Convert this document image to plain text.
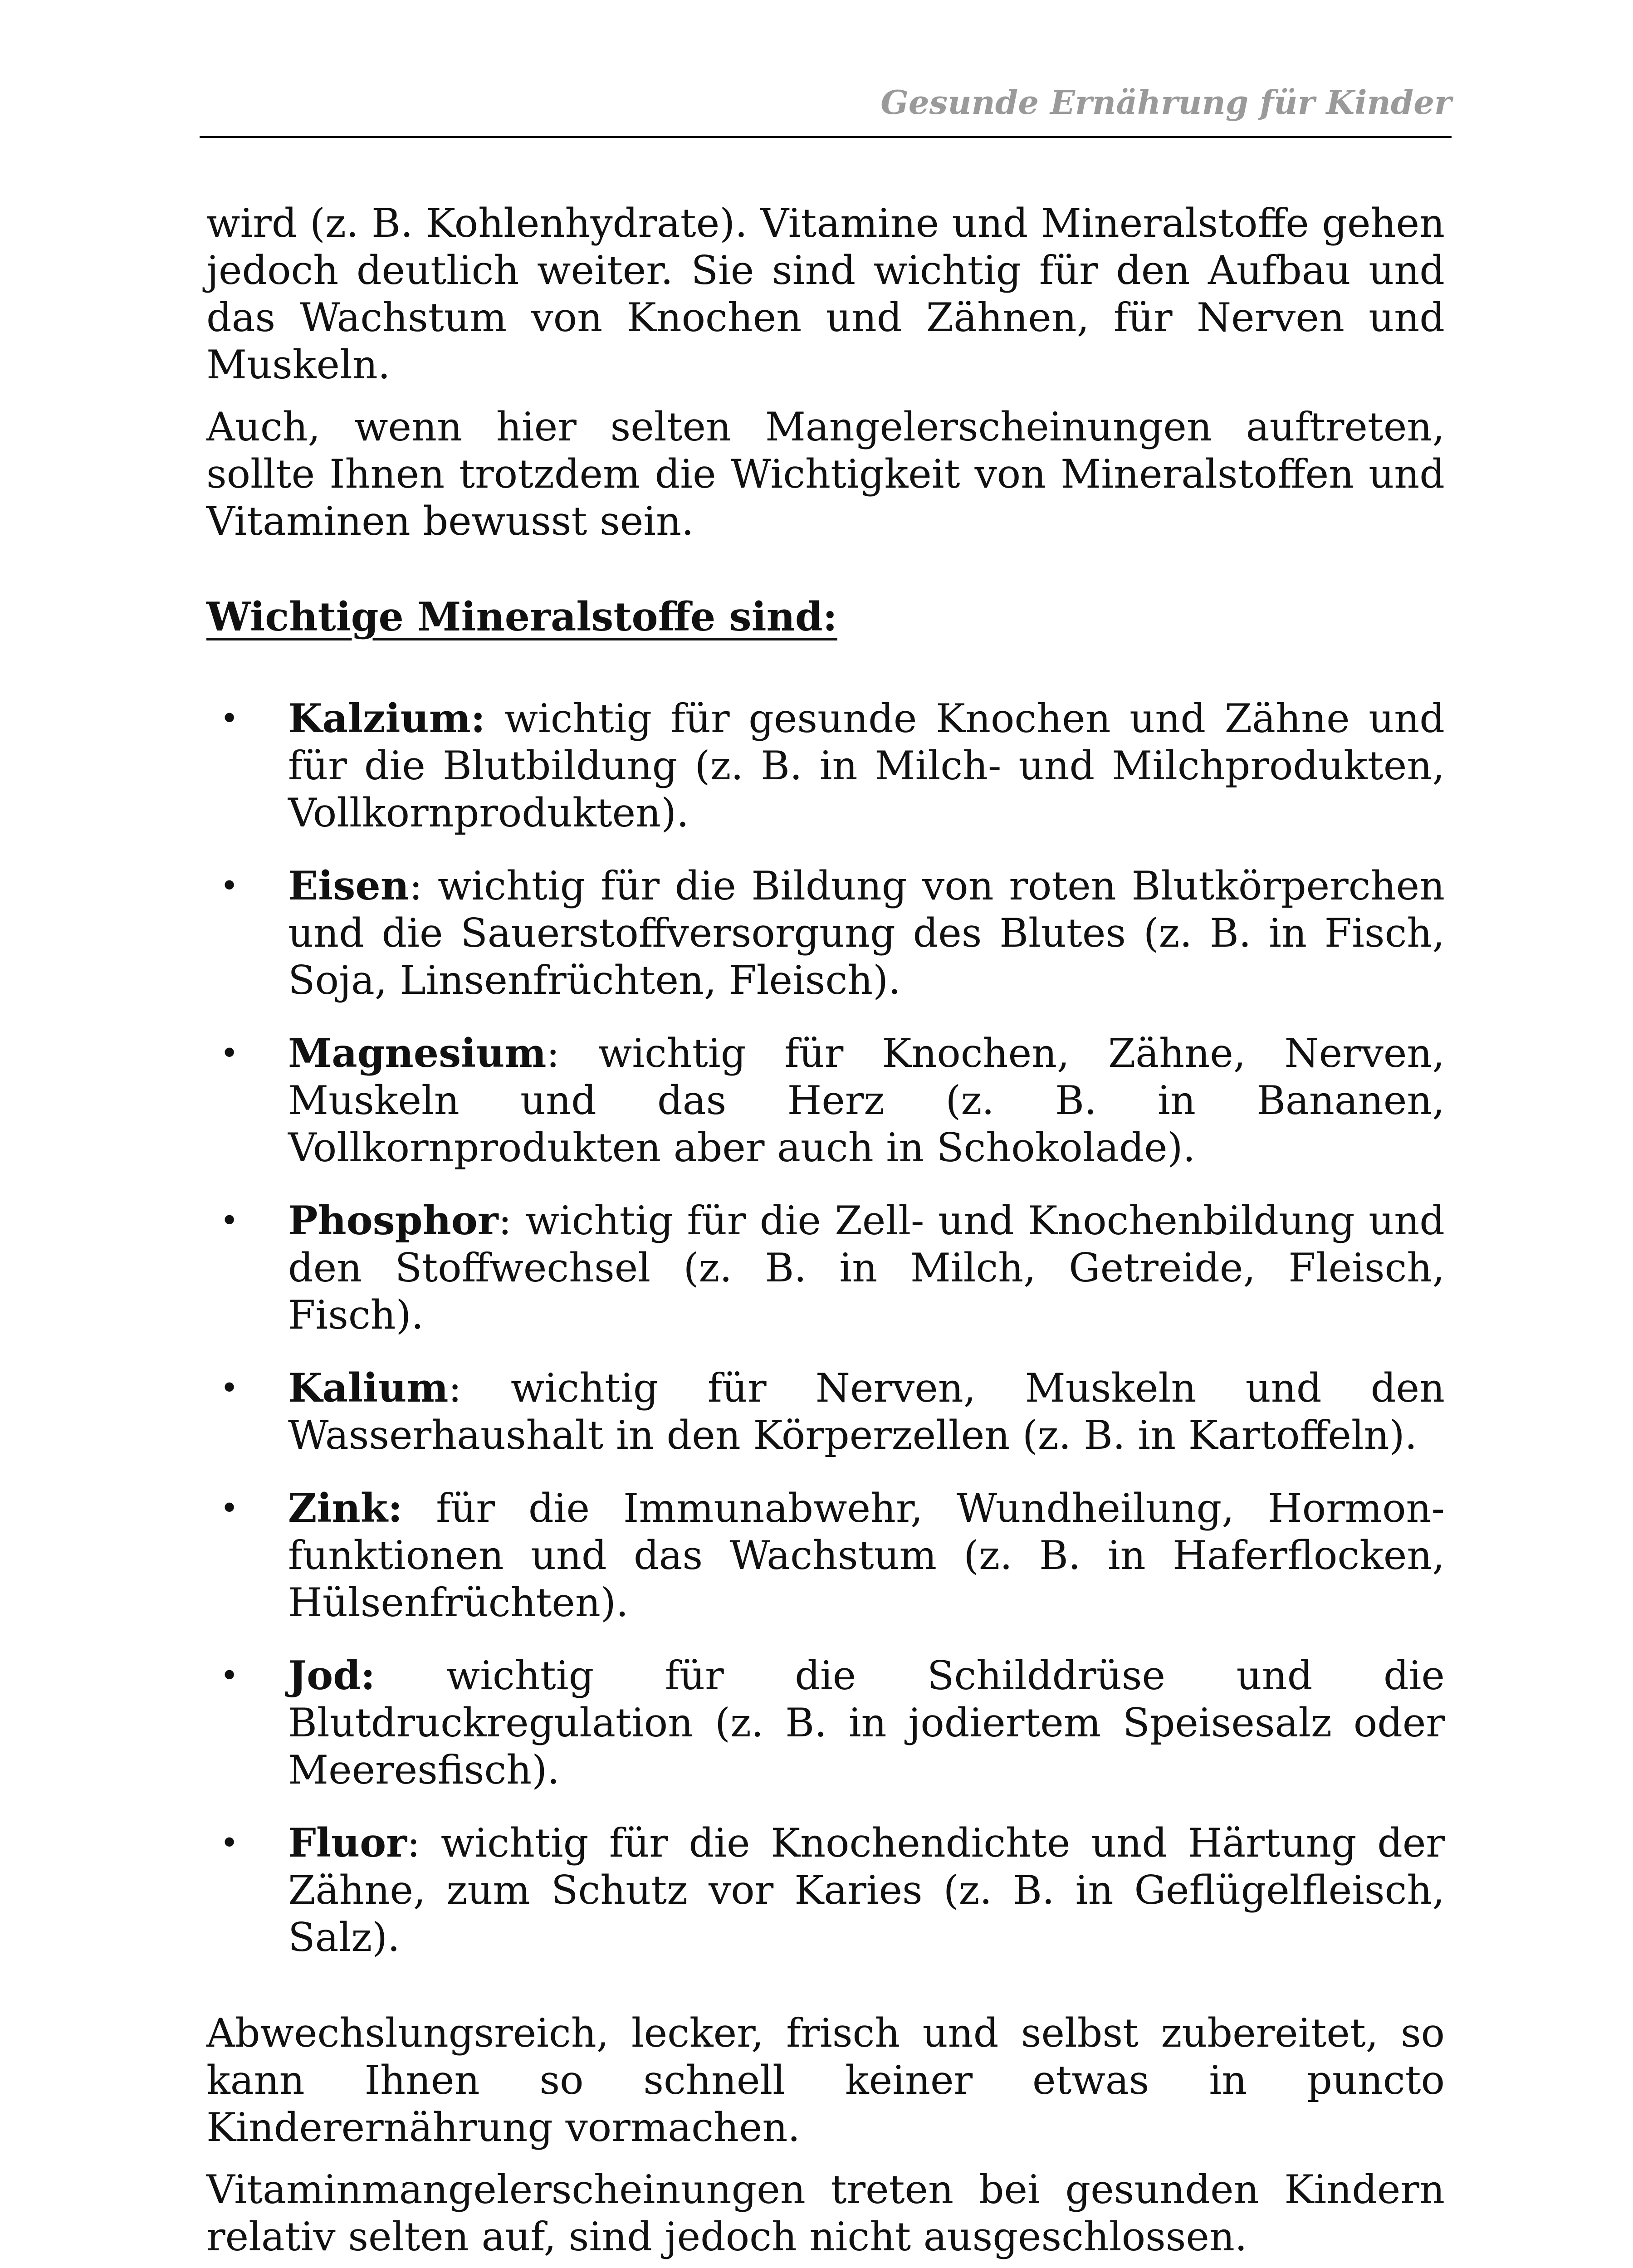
Gesunde Ernährung für Kinder

wird (z. B. Kohlenhydrate). Vitamine und Mineralstoffe gehen jedoch deutlich weiter. Sie sind wichtig für den Aufbau und das Wachstum von Knochen und Zähnen, für Nerven und Muskeln.

Auch, wenn hier selten Mangelerscheinungen auftreten, sollte Ihnen trotzdem die Wichtigkeit von Mineralstoffen und Vitaminen bewusst sein.

Wichtige Mineralstoffe sind:
• Kalzium: wichtig für gesunde Knochen und Zähne und für die Blutbildung (z. B. in Milch- und Milchprodukten, Vollkornprodukten).
• Eisen: wichtig für die Bildung von roten Blutkörperchen und die Sauerstoffversorgung des Blutes (z. B. in Fisch, Soja, Linsenfrüchten, Fleisch).
• Magnesium: wichtig für Knochen, Zähne, Nerven, Muskeln und das Herz (z. B. in Bananen, Vollkornprodukten aber auch in Schokolade).
• Phosphor: wichtig für die Zell- und Knochenbildung und den Stoffwechsel (z. B. in Milch, Getreide, Fleisch, Fisch).
• Kalium: wichtig für Nerven, Muskeln und den Wasserhaushalt in den Körperzellen (z. B. in Kartoffeln).
• Zink: für die Immunabwehr, Wundheilung, Hormonfunktionen und das Wachstum (z. B. in Haferflocken, Hülsenfrüchten).
• Jod: wichtig für die Schilddrüse und die Blutdruckregulation (z. B. in jodiertem Speisesalz oder Meeresfisch).
• Fluor: wichtig für die Knochendichte und Härtung der Zähne, zum Schutz vor Karies (z. B. in Geflügelfleisch, Salz).

Abwechslungsreich, lecker, frisch und selbst zubereitet, so kann Ihnen so schnell keiner etwas in puncto Kinderernährung vormachen.

Vitaminmangelerscheinungen treten bei gesunden Kindern relativ selten auf, sind jedoch nicht ausgeschlossen.
